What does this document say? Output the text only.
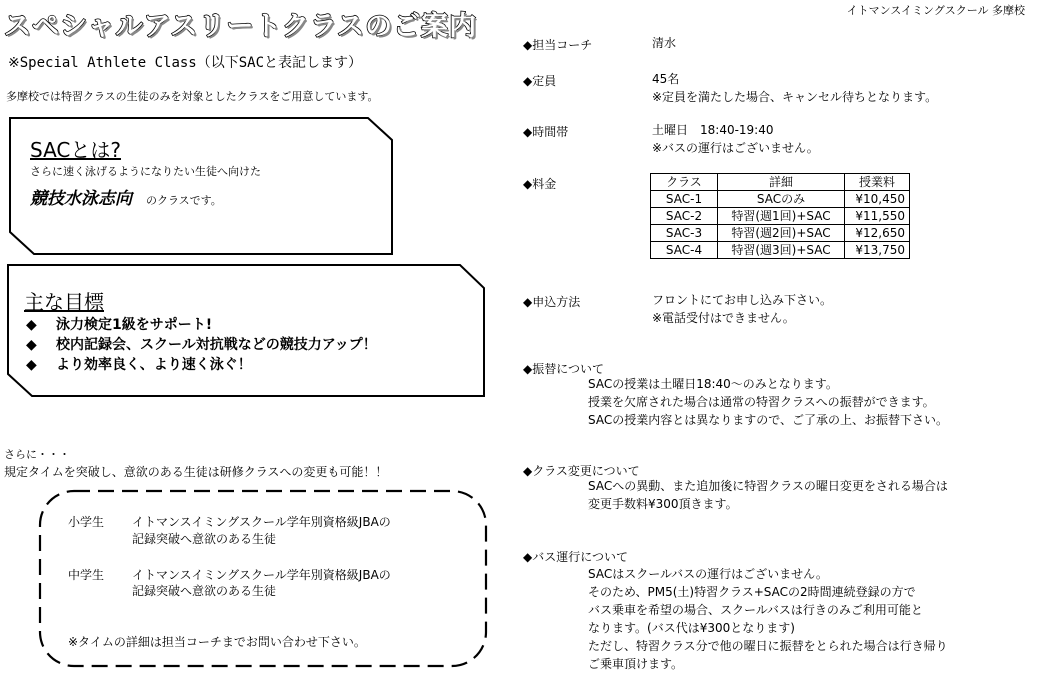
スペシャルアスリートクラスのご案内
イトマンスイミングスクール 多摩校
※Special Athlete Class（以下SACと表記します）
多摩校では特習クラスの生徒のみを対象としたクラスをご用意しています。
SACとは?
さらに速く泳げるようになりたい生徒へ向けた
競技水泳志向 のクラスです。
主な目標
◆ 泳力検定1級をサポート!
◆ 校内記録会、スクール対抗戦などの競技力アップ！
◆ より効率良く、より速く泳ぐ！
さらに・・・
規定タイムを突破し、意欲のある生徒は研修クラスへの変更も可能！！
小学生 イトマンスイミングスクール学年別資格級JBAの
記録突破へ意欲のある生徒
中学生 イトマンスイミングスクール学年別資格級JBAの
記録突破へ意欲のある生徒
※タイムの詳細は担当コーチまでお問い合わせ下さい。
◆担当コーチ	清水
◆定員	45名
※定員を満たした場合、キャンセル待ちとなります。
◆時間帯	土曜日　18:40-19:40
※バスの運行はございません。
◆料金	クラス	詳細	授業料
SAC-1	SACのみ	¥10,450
SAC-2	特習(週1回)+SAC	¥11,550
SAC-3	特習(週2回)+SAC	¥12,650
SAC-4	特習(週3回)+SAC	¥13,750
◆申込方法	フロントにてお申し込み下さい。
※電話受付はできません。
◆振替について
SACの授業は土曜日18:40～のみとなります。
授業を欠席された場合は通常の特習クラスへの振替ができます。
SACの授業内容とは異なりますので、ご了承の上、お振替下さい。
◆クラス変更について
SACへの異動、また追加後に特習クラスの曜日変更をされる場合は
変更手数料¥300頂きます。
◆バス運行について
SACはスクールバスの運行はございません。
そのため、PM5(土)特習クラス+SACの2時間連続登録の方で
バス乗車を希望の場合、スクールバスは行きのみご利用可能と
なります。(バス代は¥300となります)
ただし、特習クラス分で他の曜日に振替をとられた場合は行き帰り
ご乗車頂けます。
